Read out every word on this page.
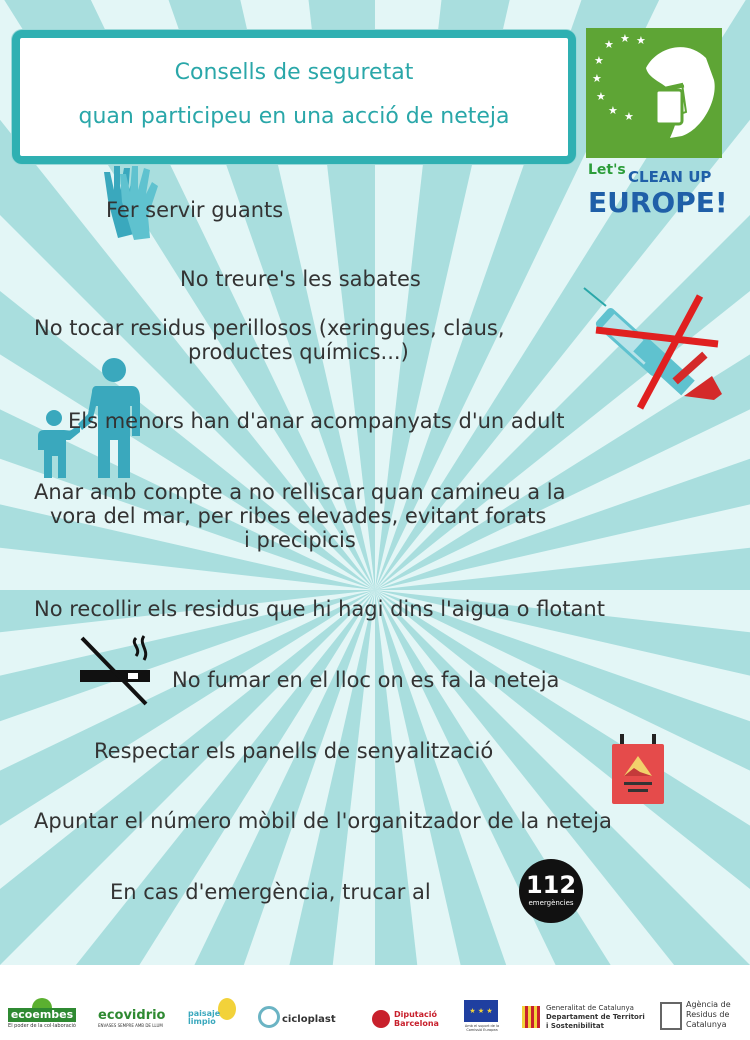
Consells de seguretat
quan participeu en una acció de neteja
★ ★ ★
★
★
★
★ ★
Let's CLEAN UP
EUROPE!
Fer servir guants
No treure's les sabates
No tocar residus perillosos (xeringues, claus,
productes químics...)
Els menors han d'anar acompanyats d'un adult
Anar amb compte a no relliscar quan camineu a la
vora del mar, per ribes elevades, evitant forats
i precipicis
No recollir els residus que hi hagi dins l'aigua o flotant
No fumar en el lloc on es fa la neteja
Respectar els panells de senyalització
Apuntar el número mòbil de l'organitzador de la neteja
En cas d'emergència, trucar al	112
emergències
ecoembes
El poder de la col·laboració
ecovidrio
ENVASES SEMPRE AMB DE LLUM
paisaje limpio	cicloplast	Diputació Barcelona
★ ★ ★
Amb el suport de la Comissió Europea
Generalitat de Catalunya
Departament de Territori
i Sostenibilitat
Agència de
Residus de
Catalunya
